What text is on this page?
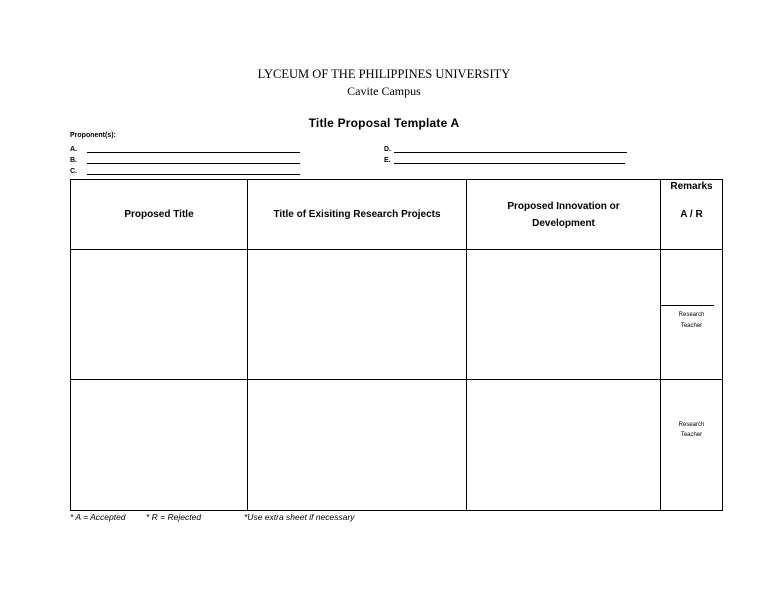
LYCEUM OF THE PHILIPPINES UNIVERSITY
Cavite Campus
Title Proposal Template A
Proponent(s):
A.
B.
C.
D.
E.
Proposed Title	Title of Exisiting Research Projects	Proposed Innovation or Development	Remarks
A / R

			Research
Teacher

			Research
Teacher
* A = Accepted * R = Rejected	*Use extra sheet if necessary
